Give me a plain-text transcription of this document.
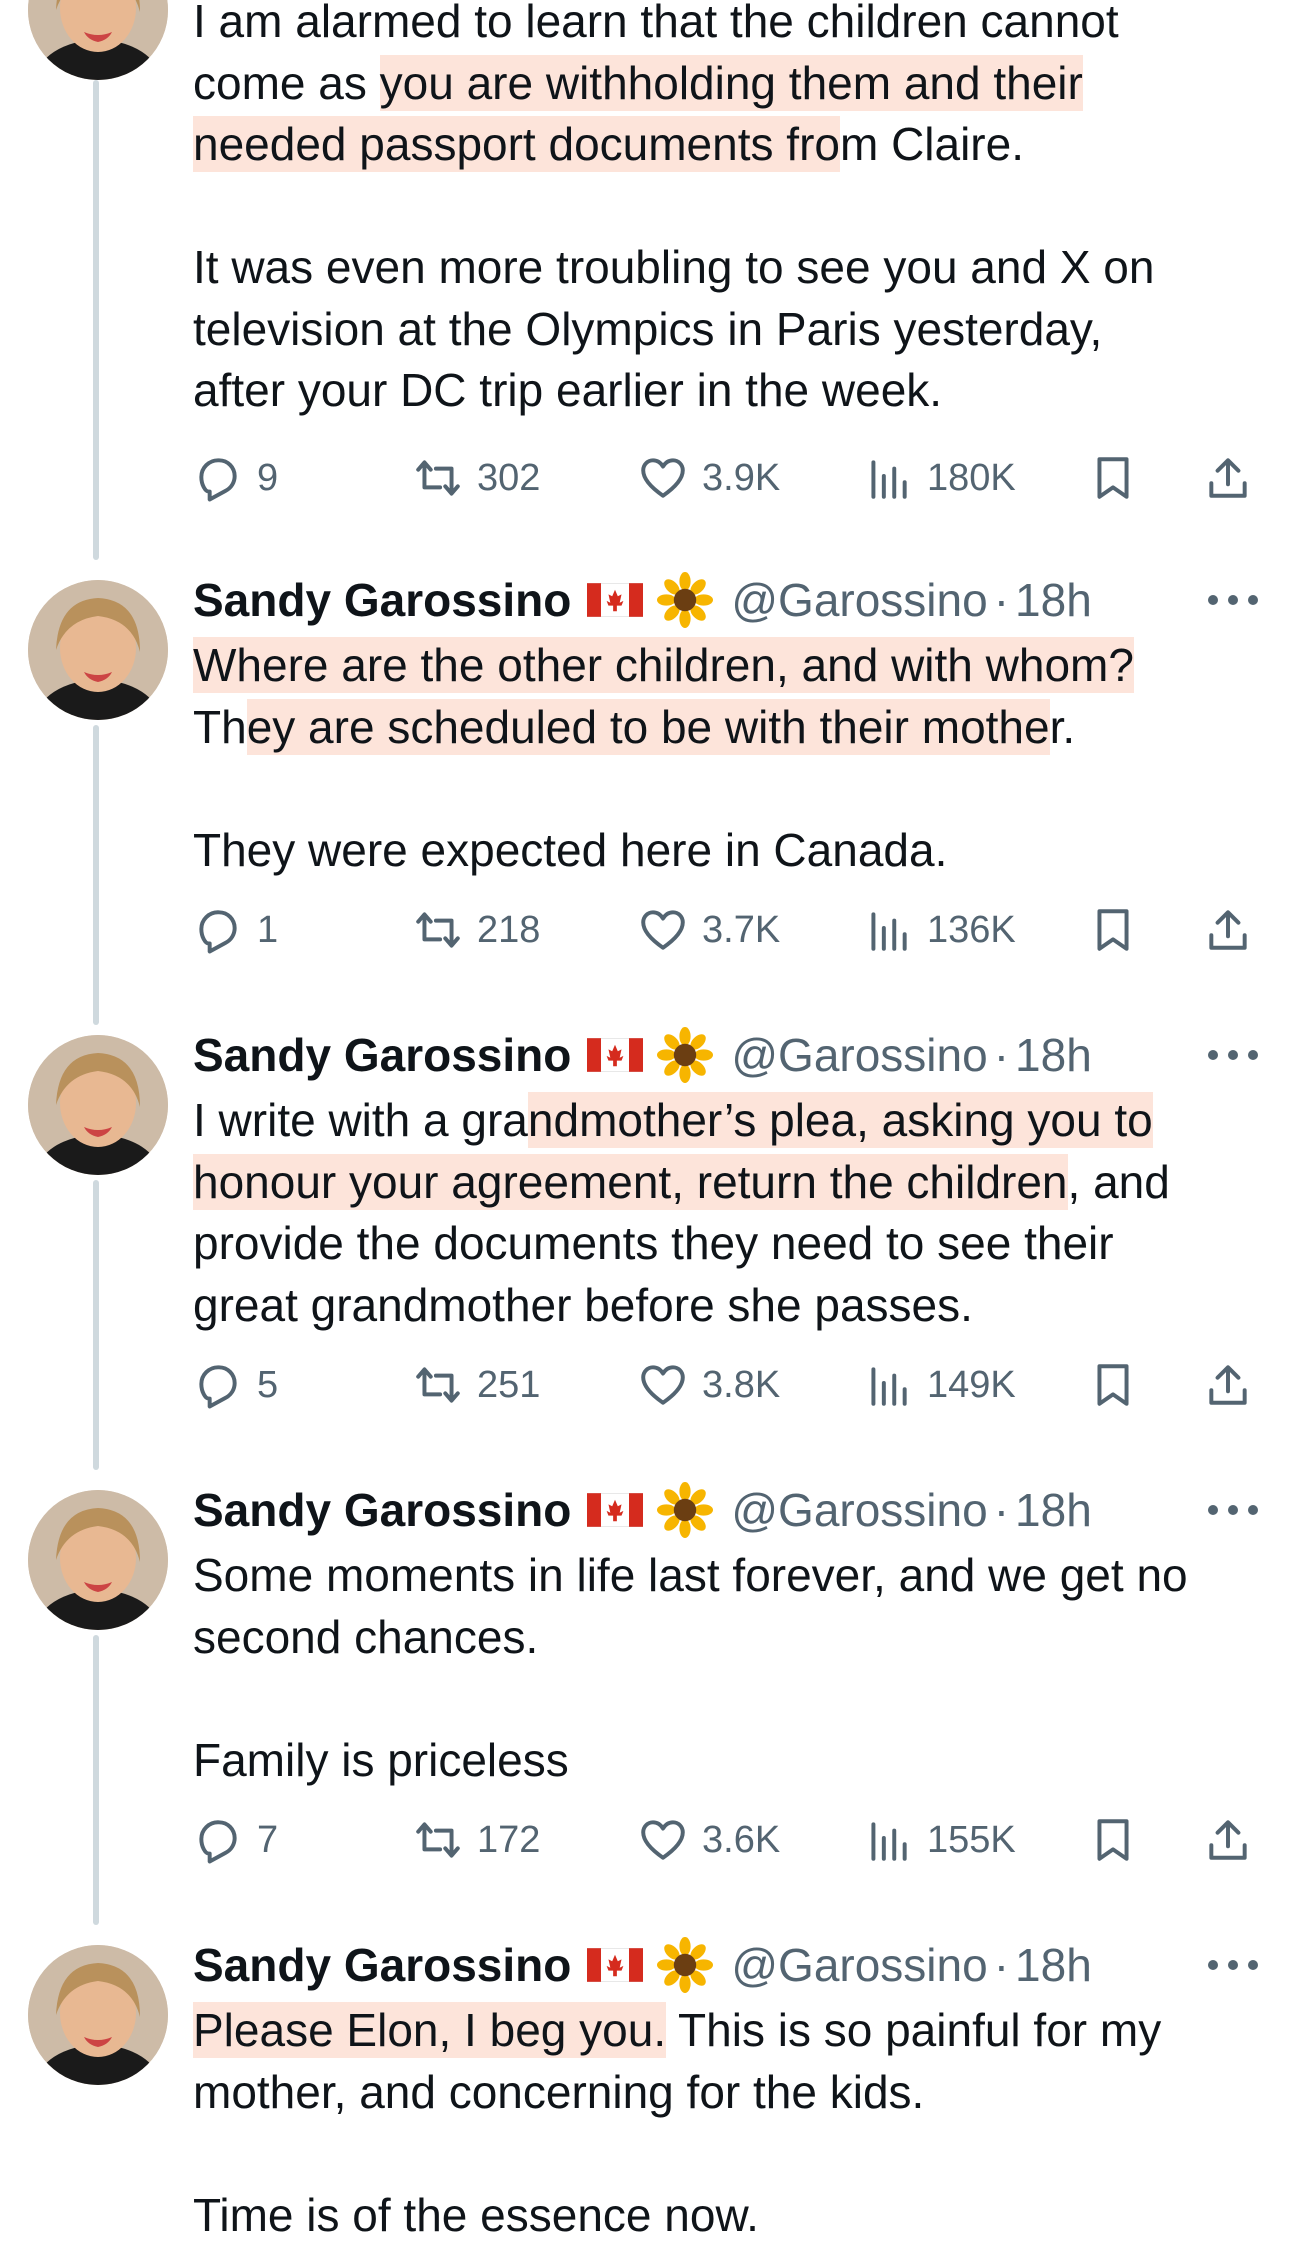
I am alarmed to learn that the children cannot

come as you are withholding them and their

needed passport documents from Claire.

It was even more troubling to see you and X on

television at the Olympics in Paris yesterday,

after your DC trip earlier in the week.

9	302	3.9K	180K
Sandy Garossino	@Garossino · 18h

Where are the other children, and with whom?

They are scheduled to be with their mother.

They were expected here in Canada.

1	218	3.7K	136K
Sandy Garossino	@Garossino · 18h

I write with a grandmother’s plea, asking you to

honour your agreement, return the children, and

provide the documents they need to see their

great grandmother before she passes.

5	251	3.8K	149K
Sandy Garossino	@Garossino · 18h

Some moments in life last forever, and we get no

second chances.

Family is priceless

7	172	3.6K	155K
Sandy Garossino	@Garossino · 18h

Please Elon, I beg you. This is so painful for my

mother, and concerning for the kids.

Time is of the essence now.
